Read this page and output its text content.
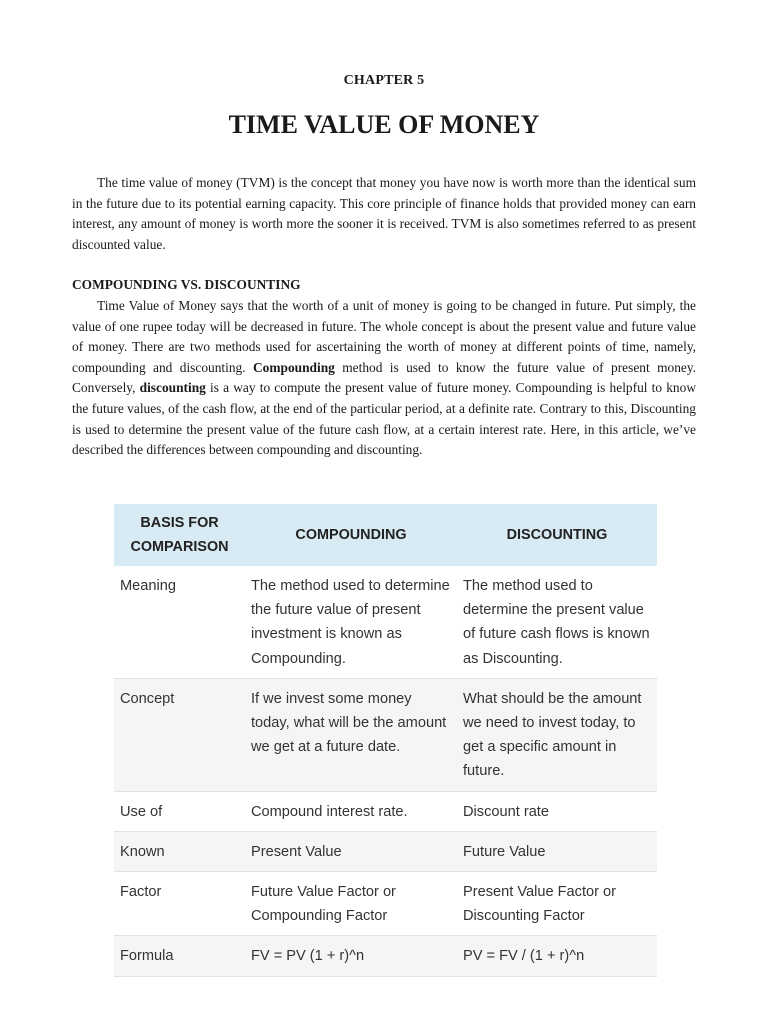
CHAPTER 5
TIME VALUE OF MONEY

The time value of money (TVM) is the concept that money you have now is worth more than the identical sum in the future due to its potential earning capacity. This core principle of finance holds that provided money can earn interest, any amount of money is worth more the sooner it is received. TVM is also sometimes referred to as present discounted value.

COMPOUNDING VS. DISCOUNTING

Time Value of Money says that the worth of a unit of money is going to be changed in future. Put simply, the value of one rupee today will be decreased in future. The whole concept is about the present value and future value of money. There are two methods used for ascertaining the worth of money at different points of time, namely, compounding and discounting. Compounding method is used to know the future value of present money. Conversely, discounting is a way to compute the present value of future money. Compounding is helpful to know the future values, of the cash flow, at the end of the particular period, at a definite rate. Contrary to this, Discounting is used to determine the present value of the future cash flow, at a certain interest rate. Here, in this article, we’ve described the differences between compounding and discounting.

BASIS FOR COMPARISON	COMPOUNDING	DISCOUNTING
Meaning	The method used to determine the future value of present investment is known as Compounding.	The method used to determine the present value of future cash flows is known as Discounting.
Concept	If we invest some money today, what will be the amount we get at a future date.	What should be the amount we need to invest today, to get a specific amount in future.
Use of	Compound interest rate.	Discount rate
Known	Present Value	Future Value
Factor	Future Value Factor or Compounding Factor	Present Value Factor or Discounting Factor
Formula	FV = PV (1 + r)^n	PV = FV / (1 + r)^n
